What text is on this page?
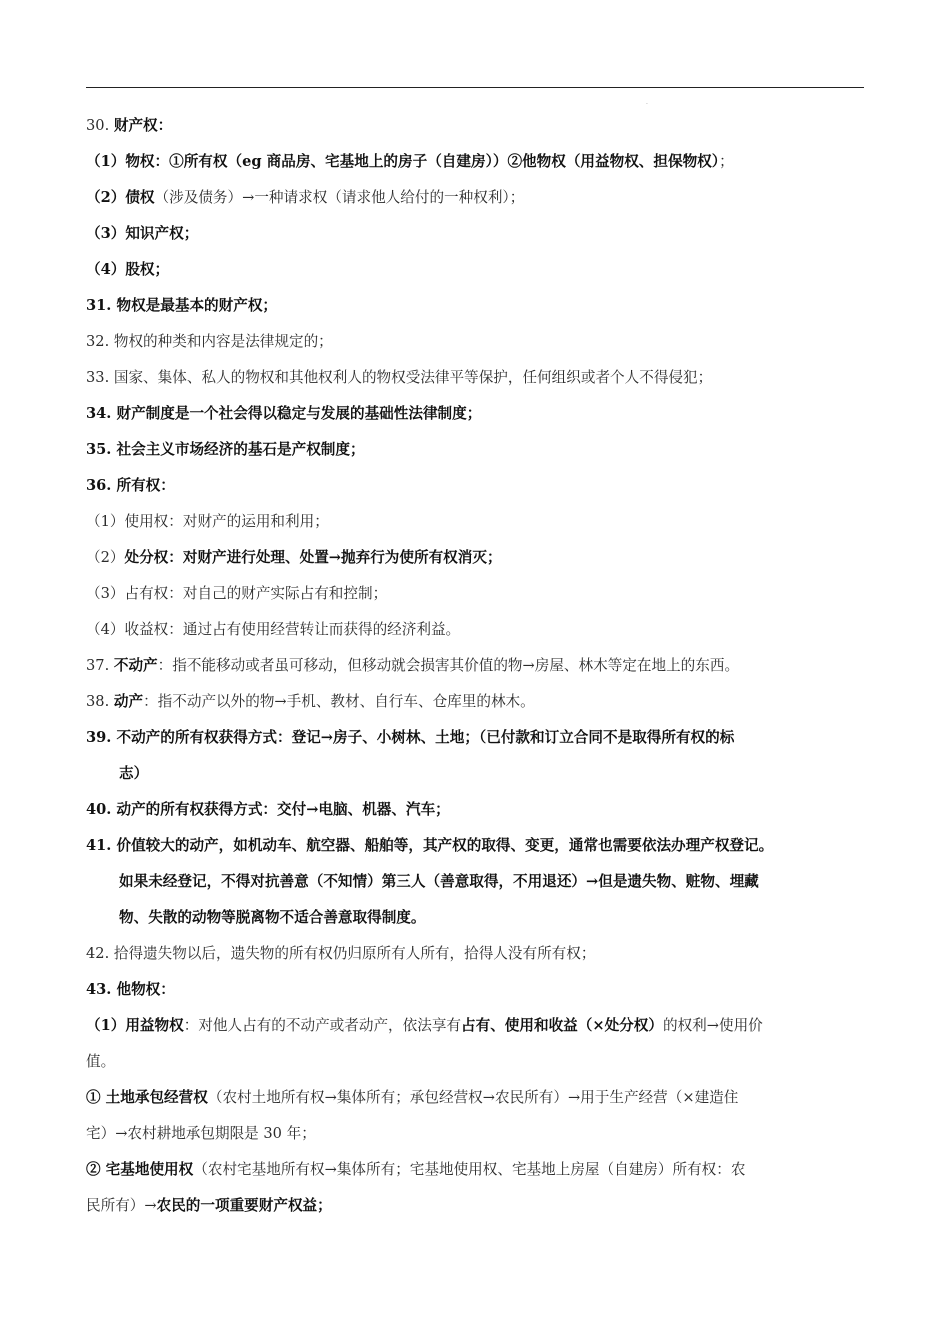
.
30. 财产权：
（1）物权：①所有权（eg 商品房、宅基地上的房子（自建房））②他物权（用益物权、担保物权）；
（2）债权（涉及债务）→一种请求权（请求他人给付的一种权利）；
（3）知识产权；
（4）股权；
31. 物权是最基本的财产权；
32. 物权的种类和内容是法律规定的；
33. 国家、集体、私人的物权和其他权利人的物权受法律平等保护，任何组织或者个人不得侵犯；
34. 财产制度是一个社会得以稳定与发展的基础性法律制度；
35. 社会主义市场经济的基石是产权制度；
36. 所有权：
（1）使用权：对财产的运用和利用；
（2）处分权：对财产进行处理、处置→抛弃行为使所有权消灭；
（3）占有权：对自己的财产实际占有和控制；
（4）收益权：通过占有使用经营转让而获得的经济利益。
37. 不动产：指不能移动或者虽可移动，但移动就会损害其价值的物→房屋、林木等定在地上的东西。
38. 动产：指不动产以外的物→手机、教材、自行车、仓库里的林木。
39. 不动产的所有权获得方式：登记→房子、小树林、土地；（已付款和订立合同不是取得所有权的标
志）
40. 动产的所有权获得方式：交付→电脑、机器、汽车；
41. 价值较大的动产，如机动车、航空器、船舶等，其产权的取得、变更，通常也需要依法办理产权登记。
如果未经登记，不得对抗善意（不知情）第三人（善意取得，不用退还）→但是遗失物、赃物、埋藏
物、失散的动物等脱离物不适合善意取得制度。
42. 拾得遗失物以后，遗失物的所有权仍归原所有人所有，拾得人没有所有权；
43. 他物权：
（1）用益物权：对他人占有的不动产或者动产，依法享有占有、使用和收益（×处分权）的权利→使用价
值。
① 土地承包经营权（农村土地所有权→集体所有；承包经营权→农民所有）→用于生产经营（×建造住
宅）→农村耕地承包期限是 30 年；
② 宅基地使用权（农村宅基地所有权→集体所有；宅基地使用权、宅基地上房屋（自建房）所有权：农
民所有）→农民的一项重要财产权益；
